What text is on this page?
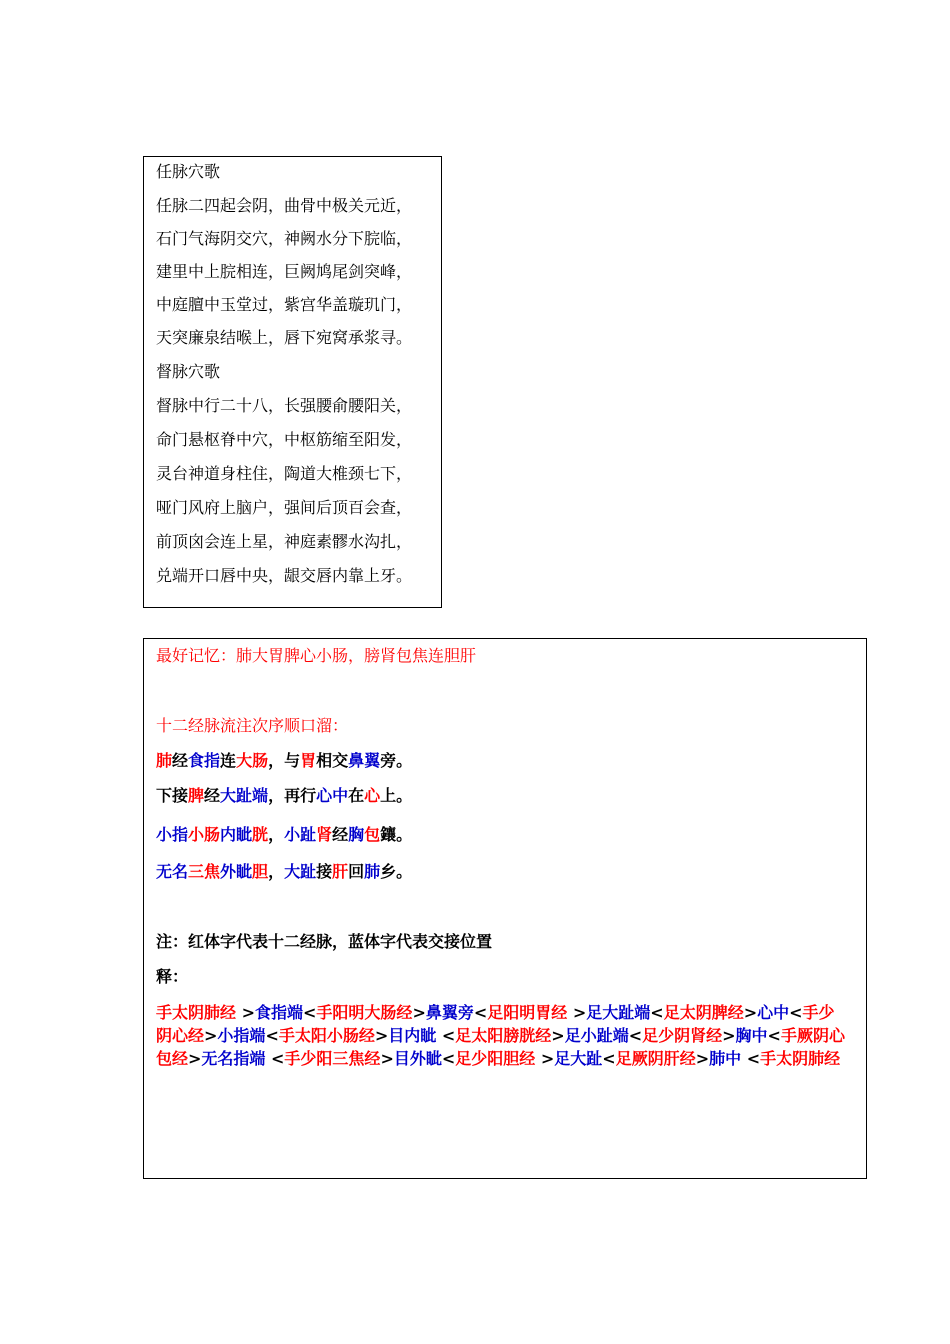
任脉穴歌
任脉二四起会阴，曲骨中极关元近，
石门气海阴交穴，神阙水分下脘临，
建里中上脘相连，巨阙鸠尾剑突峰，
中庭膻中玉堂过，紫宫华盖璇玑门，
天突廉泉结喉上，唇下宛窝承浆寻。
督脉穴歌
督脉中行二十八，长强腰俞腰阳关，
命门悬枢脊中穴，中枢筋缩至阳发，
灵台神道身柱住，陶道大椎颈七下，
哑门风府上脑户，强间后顶百会查，
前顶囟会连上星，神庭素髎水沟扎，
兑端开口唇中央，龈交唇内靠上牙。
最好记忆：肺大胃脾心小肠，膀肾包焦连胆肝
十二经脉流注次序顺口溜：
肺经食指连大肠，与胃相交鼻翼旁。
下接脾经大趾端，再行心中在心上。
小指小肠内眦胱，小趾肾经胸包鑲。
无名三焦外眦胆，大趾接肝回肺乡。
注：红体字代表十二经脉，蓝体字代表交接位置
释：
手太阴肺经 >食指端<手阳明大肠经>鼻翼旁<足阳明胃经 >足大趾端<足太阴脾经>心中<手少阴心经>小指端<手太阳小肠经>目内眦 <足太阳膀胱经>足小趾端<足少阴肾经>胸中<手厥阴心包经>无名指端 <手少阳三焦经>目外眦<足少阳胆经 >足大趾<足厥阴肝经>肺中 <手太阴肺经
